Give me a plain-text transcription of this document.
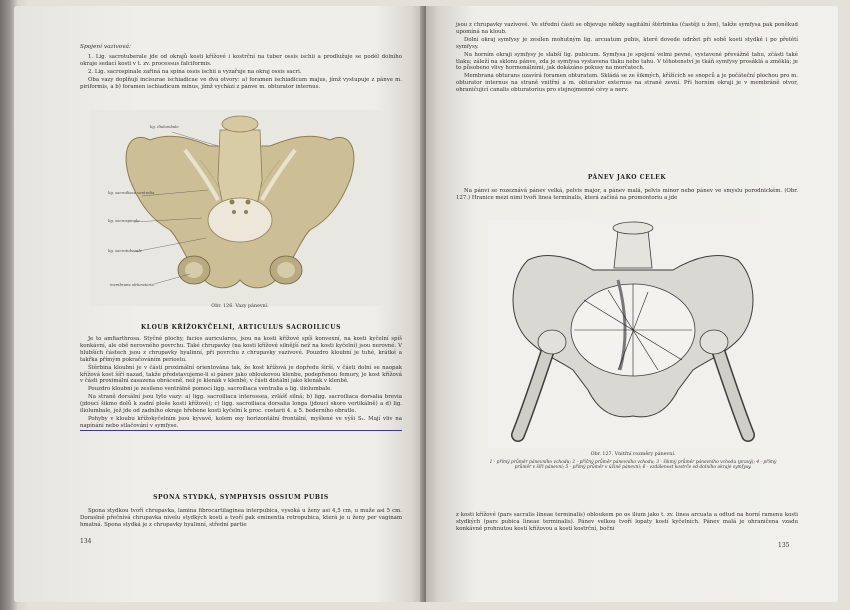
Spojení vazivová:

1. Lig. sacrotuberale jde od okrajů kosti křížové i kostrční na tuber ossis ischii a prodlužuje se podél dolního okraje sedací kosti v t. zv. processus falciformis.

2. Lig. sacrospinale zařiná na spina ossis ischii a vyzařuje na okraj ossis sacri.

Oba vazy doplňují incisurae ischiadicae ve dva otvory: a) foramen ischiadicum majus, jímž vystupuje z pánve m. piriformis, a b) foramen ischiadicum minus, jímž vychází z pánve m. obturator internus.

lig. iliolumbale
lig. sacroiliaca ventralia
lig. sacrospinale
lig. sacrotuberale
membrana obturatoria

Obr. 126. Vazy pánevní.

KLOUB KŘÍŽOKYČELNÍ, ARTICULUS SACROILICUS

Je to amfiarthrosa. Styčné plochy, facies auriculares, jsou na kosti křížové spíš konvexní, na kosti kyčelní spíš konkávní, ale obě nerovného povrchu. Také chrupavky (na kosti křížové silnější než na kosti kyčelní) jsou nerovné. V hlubších částech jsou z chrupavky hyalinní, při povrchu z chrupavky vazivové. Pouzdro kloubní je tuhé, krátké a takřka přímým pokračováním periostu.

Štěrbina kloubní je v části proximální orientována tak, že kost křížová je dopředu širší, v části dolní se naopak křížová kost šíří nazad, takže představujeme-li si pánev jako obloukovou klenbu, podepřenou femury, je kost křížová v části proximální zasazena obráceně, než je klenák v klenbě, v části distální jako klenák v klenbě.

Pouzdro kloubní je zesileno ventrálně pomocí ligg. sacroiliaca ventralia a lig. iliolumbale.

Na straně dorsální jsou tyto vazy: a) ligg. sacroiliaca interossea, zvlášť silná; b) ligg. sacroiliaca dorsalia brevia (jdoucí šikmo dolů k zadní ploše kosti křížové); c) ligg. sacroiliaca dorsalia longa (jdoucí skoro vertikálně) a d) lig. iliolumbale, jež jde od zadního okraje hřebene kosti kyčelní k proc. costarii 4. a 5. bederního obratle.

Pohyby v kloubu křížokyčelním jsou kývavé, kolem osy horizontální frontální, myšlené ve výši S₁. Mají vliv na napínání nebo stlačování v symfyse.

SPONA STYDKÁ, SYMPHYSIS OSSIUM PUBIS

Spona stydkou tvoří chrupavka, lamina fibrocartilaginea interpubica, vysoká u ženy asi 4,5 cm, u muže asi 5 cm. Doraslně přečnívá chrupavka nivelu stydkých kostí a tvoří pak eminentia retropubica, která je u ženy per vaginam hmatná. Spona stydká je z chrupavky hyalinní, střední partie

134

jsou z chrupavky vazivové. Ve střední části se objevuje někdy sagitální štěrbinka (častěji u žen), takže symfysa pak poněkud upomíná na kloub.

Dolní okraj symfysy je zesílen mohutným lig. arcuatum pubis, které dovede udržet při sobě kosti stydké i po přetětí symfysy.

Na horním okraji symfysy je slabší lig. pubicum. Symfysa je spojení velmi pevné, vystavené převážně tahu, zčásti také tlaku; záleží na sklonu pánve, zda je symfysa vystavena tlaku nebo tahu. V těhotenství je tkáň symfysy prosáklá a změklá; je to působeno vlivy hormonálními, jak dokázáno pokusy na morčatech.

Membrana obturans uzavírá foramen obturatum. Skládá se ze šikmých, křížících se snopců a je počáteční plochou pro m. obturator internus na straně vnitřní a m. obturator externus na straně zevní. Při horním okraji je v membráně otvor, ohraničující canalis obturatorius pro stejnojmenné cévy a nerv.

PÁNEV JAKO CELEK

Na pánvi se rozeznává pánev velká, pelvis major, a pánev malá, pelvis minor nebo pánev ve smyslu porodnickém. (Obr. 127.) Hranice mezi nimi tvoří linea terminalis, která začíná na promontoriu a jde

Obr. 127. Vnitřní rozměry pánevní.

1 - přímý průměr pánevního vchodu; 2 - příčný průměr pánevního vchodu; 3 - šikmý průměr pánevního vchodu (pravý); 4 - přímý průměr v šíři pánevní; 5 - přímý průměr v úžině pánevní; 6 - vzdálenost kostrče od dolního okraje symfysy.

z kosti křížové (pars sacralis lineae terminalis) obloukem po os ilium jako t. zv. linea arcuata a odtud na horní ramenu kosti stydkých (pars pubica lineae terminalis). Pánev velkou tvoří lopaty kostí kyčelních. Pánev malá je ohraničena vzadu konkávně prohnutou kostí křížovou a kostí kostrční, boční

135
